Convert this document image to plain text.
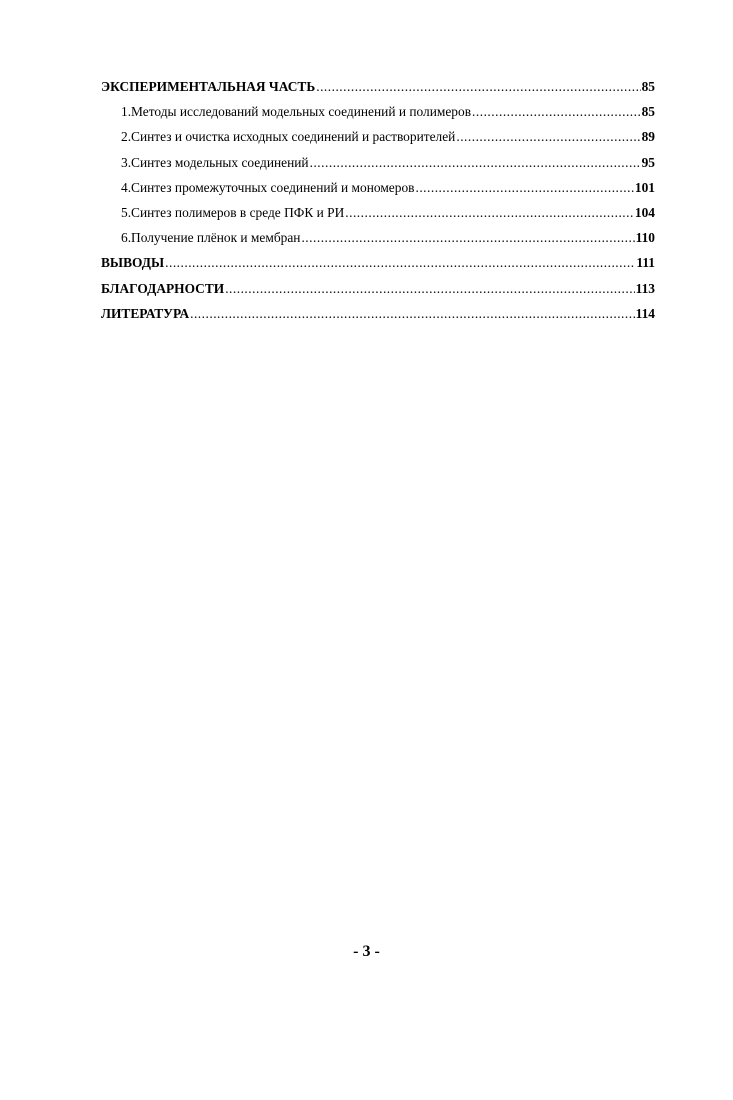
ЭКСПЕРИМЕНТАЛЬНАЯ ЧАСТЬ .....	85
1. Методы исследований модельных соединений и полимеров .....	85
2. Синтез и очистка исходных соединений и растворителей .....	89
3. Синтез модельных соединений .....	95
4. Синтез промежуточных соединений и мономеров .....	101
5. Синтез полимеров в среде ПФК и РИ .....	104
6. Получение плёнок и мембран .....	110
ВЫВОДЫ .....	111
БЛАГОДАРНОСТИ .....	113
ЛИТЕРАТУРА .....	114
- 3 -
